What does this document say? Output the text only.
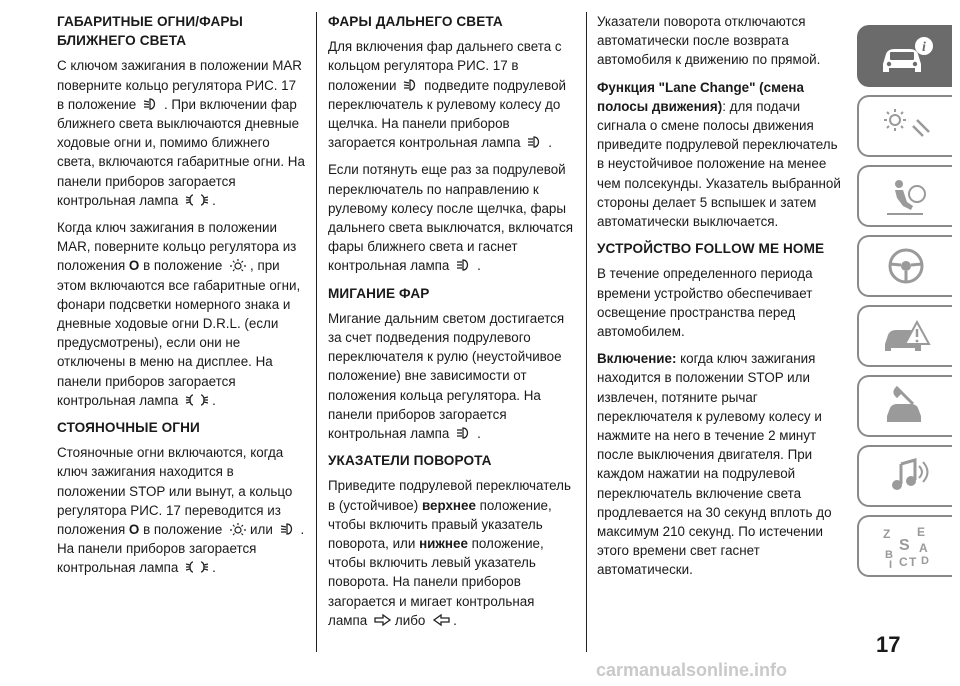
ГАБАРИТНЫЕ ОГНИ/ФАРЫ БЛИЖНЕГО СВЕТА

С ключом зажигания в положении MAR поверните кольцо регулятора РИС. 17 в положение . При включении фар ближнего света выключаются дневные ходовые огни и, помимо ближнего света, включаются габаритные огни. На панели приборов загорается контрольная лампа	.

Когда ключ зажигания в положении MAR, поверните кольцо регулятора из положения O в положение , при этом включаются все габаритные огни, фонари подсветки номерного знака и дневные ходовые огни D.R.L. (если предусмотрены), если они не отключены в меню на дисплее. На панели приборов загорается контрольная лампа	.

СТОЯНОЧНЫЕ ОГНИ

Стояночные огни включаются, когда ключ зажигания находится в положении STOP или вынут, а кольцо регулятора РИС. 17 переводится из положения O в положение или . На панели приборов загорается контрольная лампа	.

ФАРЫ ДАЛЬНЕГО СВЕТА

Для включения фар дальнего света с кольцом регулятора РИС. 17 в положении подведите подрулевой переключатель к рулевому колесу до щелчка. На панели приборов загорается контрольная лампа .

Если потянуть еще раз за подрулевой переключатель по направлению к рулевому колесу после щелчка, фары дальнего света выключатся, включатся фары ближнего света и гаснет контрольная лампа .

МИГАНИЕ ФАР

Мигание дальним светом достигается за счет подведения подрулевого переключателя к рулю (неустойчивое положение) вне зависимости от положения кольца регулятора. На панели приборов загорается контрольная лампа .

УКАЗАТЕЛИ ПОВОРОТА

Приведите подрулевой переключатель в (устойчивое) верхнее положение, чтобы включить правый указатель поворота, или нижнее положение, чтобы включить левый указатель поворота. На панели приборов загорается и мигает контрольная лампа либо .

Указатели поворота отключаются автоматически после возврата автомобиля к движению по прямой.

Функция "Lane Change" (смена полосы движения): для подачи сигнала о смене полосы движения приведите подрулевой переключатель в неустойчивое положение на менее чем полсекунды. Указатель выбранной стороны делает 5 вспышек и затем автоматически выключается.

УСТРОЙСТВО FOLLOW ME HOME

В течение определенного периода времени устройство обеспечивает освещение пространства перед автомобилем.

Включение: когда ключ зажигания находится в положении STOP или извлечен, потяните рычаг переключателя к рулевому колесу и нажмите на него в течение 2 минут после выключения двигателя. При каждом нажатии на подрулевой переключатель включение света продлевается на 30 секунд вплоть до максимум 210 секунд. По истечении этого времени свет гаснет автоматически.

i
Z E
S A
B
I C T D
17
carmanualsonline.info
